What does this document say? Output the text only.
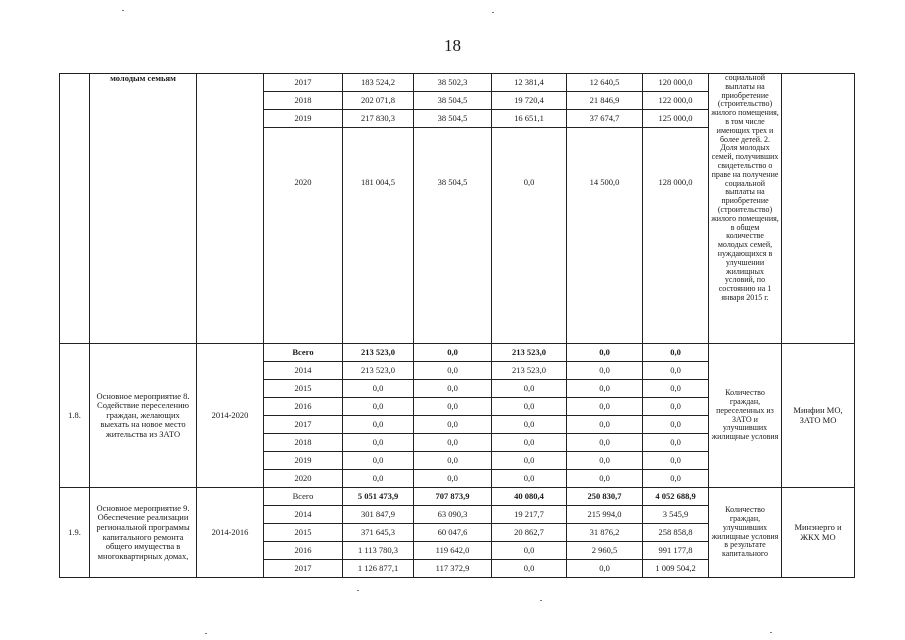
18
	молодым семьям		2017	183 524,2	38 502,3	12 381,4	12 640,5	120 000,0	социальной выплаты на приобретение (строительство) жилого помещения, в том числе имеющих трех и более детей. 2. Доля молодых семей, получивших свидетельство о праве на получение социальной выплаты на приобретение (строительство) жилого помещения, в общем количестве молодых семей, нуждающихся в улучшении жилищных условий, по состоянию на 1 января 2015 г.	
			2018	202 071,8	38 504,5	19 720,4	21 846,9	122 000,0		
			2019	217 830,3	38 504,5	16 651,1	37 674,7	125 000,0		
			2020	181 004,5	38 504,5	0,0	14 500,0	128 000,0		
1.8.	Основное мероприятие 8. Содействие переселению граждан, желающих выехать на новое место жительства из ЗАТО	2014-2020	Всего	213 523,0	0,0	213 523,0	0,0	0,0	Количество граждан, переселенных из ЗАТО и улучшивших жилищные условия	Минфин МО, ЗАТО МО
			2014	213 523,0	0,0	213 523,0	0,0	0,0		
			2015	0,0	0,0	0,0	0,0	0,0		
			2016	0,0	0,0	0,0	0,0	0,0		
			2017	0,0	0,0	0,0	0,0	0,0		
			2018	0,0	0,0	0,0	0,0	0,0		
			2019	0,0	0,0	0,0	0,0	0,0		
			2020	0,0	0,0	0,0	0,0	0,0		
1.9.	Основное мероприятие 9. Обеспечение реализации региональной программы капитального ремонта общего имущества в многоквартирных домах,	2014-2016	Всего	5 051 473,9	707 873,9	40 080,4	250 830,7	4 052 688,9	Количество граждан, улучшивших жилищные условия в результате капитального	Минэнерго и ЖКХ МО
			2014	301 847,9	63 090,3	19 217,7	215 994,0	3 545,9		
			2015	371 645,3	60 047,6	20 862,7	31 876,2	258 858,8		
			2016	1 113 780,3	119 642,0	0,0	2 960,5	991 177,8		
			2017	1 126 877,1	117 372,9	0,0	0,0	1 009 504,2		
